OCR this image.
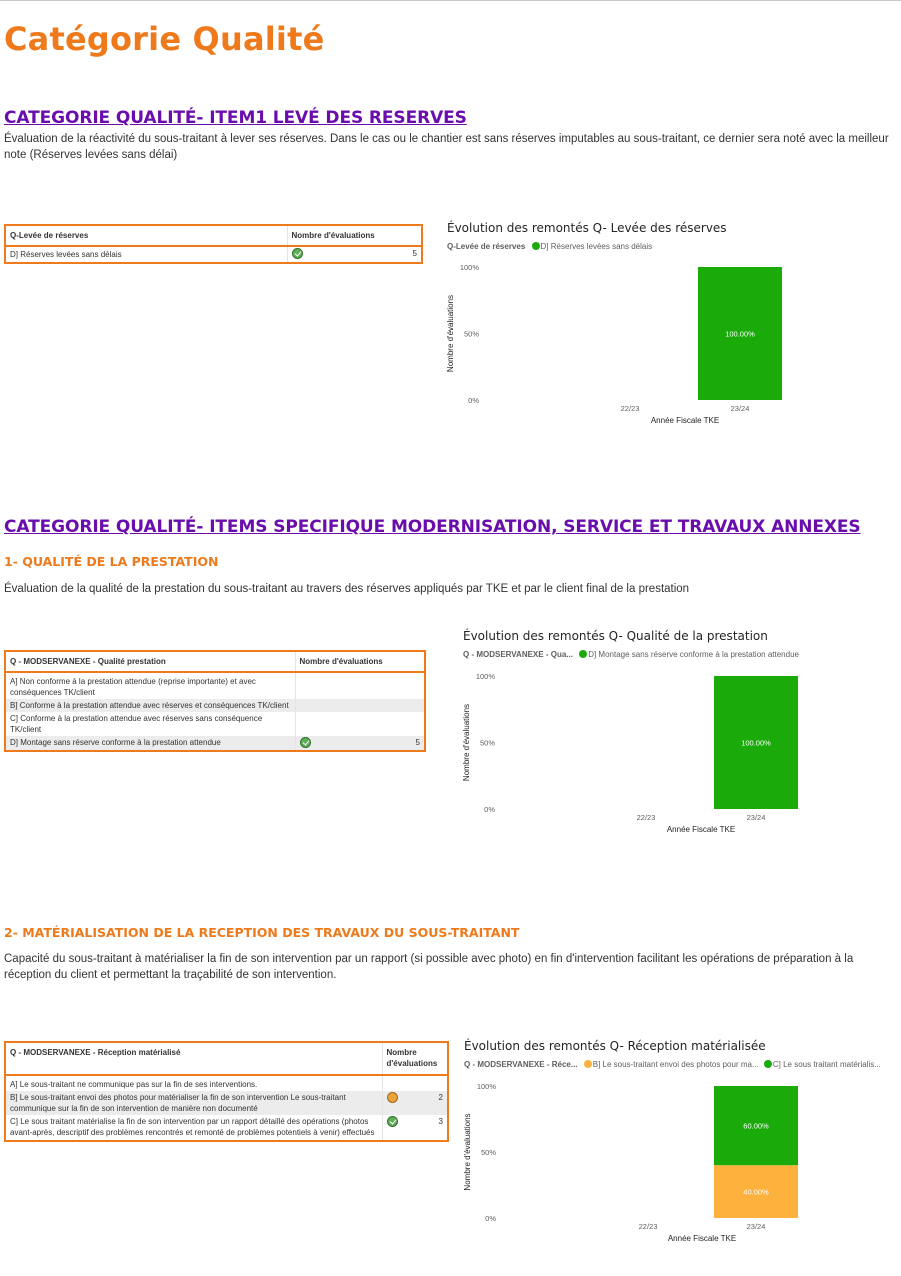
Catégorie Qualité
CATEGORIE QUALITÉ- ITEM1 LEVÉ DES RESERVES
Évaluation de la réactivité du sous-traitant à lever ses réserves. Dans le cas ou le chantier est sans réserves imputables au sous-traitant, ce dernier sera noté avec la meilleur note (Réserves levées sans délai)
Q-Levée de réserves	Nombre d'évaluations
D] Réserves levées sans délais	5
Évolution des remontés Q- Levée des réserves
Q-Levée de réserves D] Réserves levées sans délais
0%
50%
100%
Nombre d'évaluations
22/23
100.00%
23/24
Année Fiscale TKE
CATEGORIE QUALITÉ- ITEMS SPECIFIQUE MODERNISATION, SERVICE ET TRAVAUX ANNEXES
1- QUALITÉ DE LA PRESTATION
Évaluation de la qualité de la prestation du sous-traitant au travers des réserves appliqués par TKE et par le client final de la prestation
Q - MODSERVANEXE - Qualité prestation	Nombre d'évaluations
A] Non conforme à la prestation attendue (reprise importante) et avec conséquences TK/client	

B] Conforme à la prestation attendue avec réserves et conséquences TK/client	

C] Conforme à la prestation attendue avec réserves sans conséquence TK/client	

D] Montage sans réserve conforme à la prestation attendue	5
Évolution des remontés Q- Qualité de la prestation
Q - MODSERVANEXE - Qua... D] Montage sans réserve conforme à la prestation attendue
0%
50%
100%
Nombre d'évaluations
22/23
100.00%
23/24
Année Fiscale TKE
2- MATÉRIALISATION DE LA RECEPTION DES TRAVAUX DU SOUS-TRAITANT
Capacité du sous-traitant à matérialiser la fin de son intervention par un rapport (si possible avec photo) en fin d'intervention facilitant les opérations de préparation à la réception du client et permettant la traçabilité de son intervention.
Q - MODSERVANEXE - Réception matérialisé	Nombre d'évaluations
A] Le sous-traitant ne communique pas sur la fin de ses interventions.	

B] Le sous-traitant envoi des photos pour matérialiser la fin de son intervention Le sous-traitant communique sur la fin de son intervention de manière non documenté	2

C] Le sous traitant matérialise la fin de son intervention par un rapport détaillé des opérations (photos avant-après, descriptif des problèmes rencontrés et remonté de problèmes potentiels à venir) effectués	3
Évolution des remontés Q- Réception matérialisée
Q - MODSERVANEXE - Réce... B] Le sous-traitant envoi des photos pour ma... C] Le sous traitant matérialis...
0%
50%
100%
Nombre d'évaluations
22/23
40.00%
60.00%
23/24
Année Fiscale TKE
